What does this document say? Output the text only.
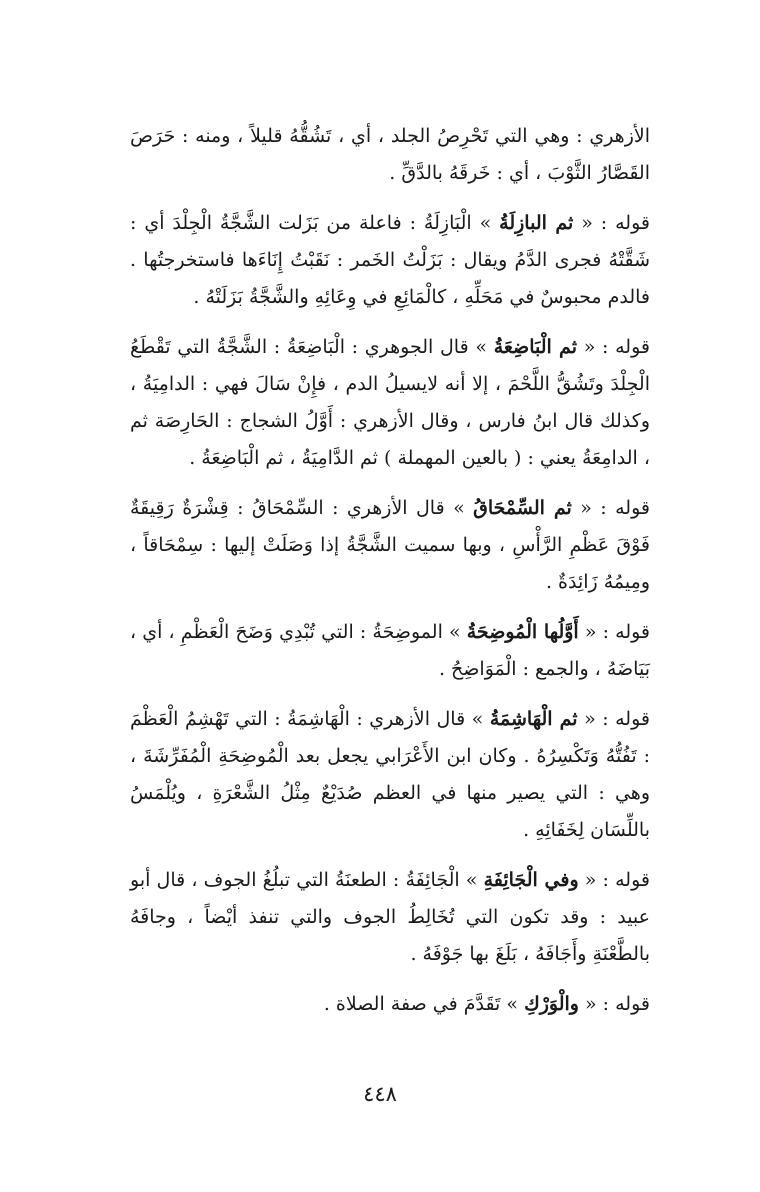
الأزهري : وهي التي تَحْرِصُ الجلد ، أي ، تَشُقُّهُ قليلاً ، ومنه : حَرَصَ القَصَّارُ الثَّوْبَ ، أي : خَرقَهُ بالدَّقِّ .

قوله : « ثم البازِلَةُ » الْبَازِلَةُ : فاعلة من بَزَلت الشَّجَّةُ الْجِلْدَ أي : شَقَّتْهُ فجرى الدَّمُ ويقال : بَزَلْتُ الخَمر : نَقَبْتُ إِنَاءَها فاستخرجتُها . فالدم محبوسٌ في مَحَلِّهِ ، كالْمَائِعِ في وِعَائِهِ والشَّجَّةُ بَزَلَتْهُ .

قوله : « ثم الْبَاضِعَةُ » قال الجوهري : الْبَاضِعَةُ : الشَّجَّةُ التي تَقْطَعُ الْجِلْدَ وتَشُقُّ اللَّحْمَ ، إلا أنه لايسيلُ الدم ، فإِنْ سَالَ فهي : الدامِيَةُ ، وكذلك قال ابنُ فارس ، وقال الأزهري : أَوَّلُ الشجاج : الحَارِصَة ثم ، الدامِعَةُ يعني : ( بالعين المهملة ) ثم الدَّامِيَةُ ، ثم الْبَاضِعَةُ .

قوله : « ثم السِّمْحَاقُ » قال الأزهري : السِّمْحَاقُ : قِشْرَةٌ رَقِيقَةٌ فَوْقَ عَظْمِ الرَّأْسِ ، وبها سميت الشَّجَّةُ إذا وَصَلَتْ إليها : سِمْحَاقاً ، ومِيمُهُ زَائِدَةٌ .

قوله : « أَوَّلُها الْمُوضِحَةُ » الموضِحَةُ : التي تُبْدِي وَضَحَ الْعَظْمِ ، أي ، بَيَاضَهُ ، والجمع : الْمَوَاضِحُ .

قوله : « ثم الْهَاشِمَةُ » قال الأزهري : الْهَاشِمَةُ : التي تَهْشِمُ الْعَظْمَ : تَفُتُّهُ وَتَكْسِرُهُ . وكان ابن الأَعْرَابي يجعل بعد الْمُوضِحَةِ الْمُفَرِّشَةَ ، وهي : التي يصير منها في العظم صُدَيْعٌ مِثْلُ الشَّعْرَةِ ، ويُلْمَسُ باللِّسَان لِخَفَائِهِ .

قوله : « وفي الْجَائِفَةِ » الْجَائِفَةُ : الطعنَةُ التي تبلُغُ الجوف ، قال أبو عبيد : وقد تكون التي تُخَالِطُ الجوف والتي تنفذ أيْضاً ، وجافَهُ بالطَّعْنَةِ وأَجَافَهُ ، بَلَغَ بها جَوْفَهُ .

قوله : « والْوَرْكِ » تَقَدَّمَ في صفة الصلاة .

٤٤٨
